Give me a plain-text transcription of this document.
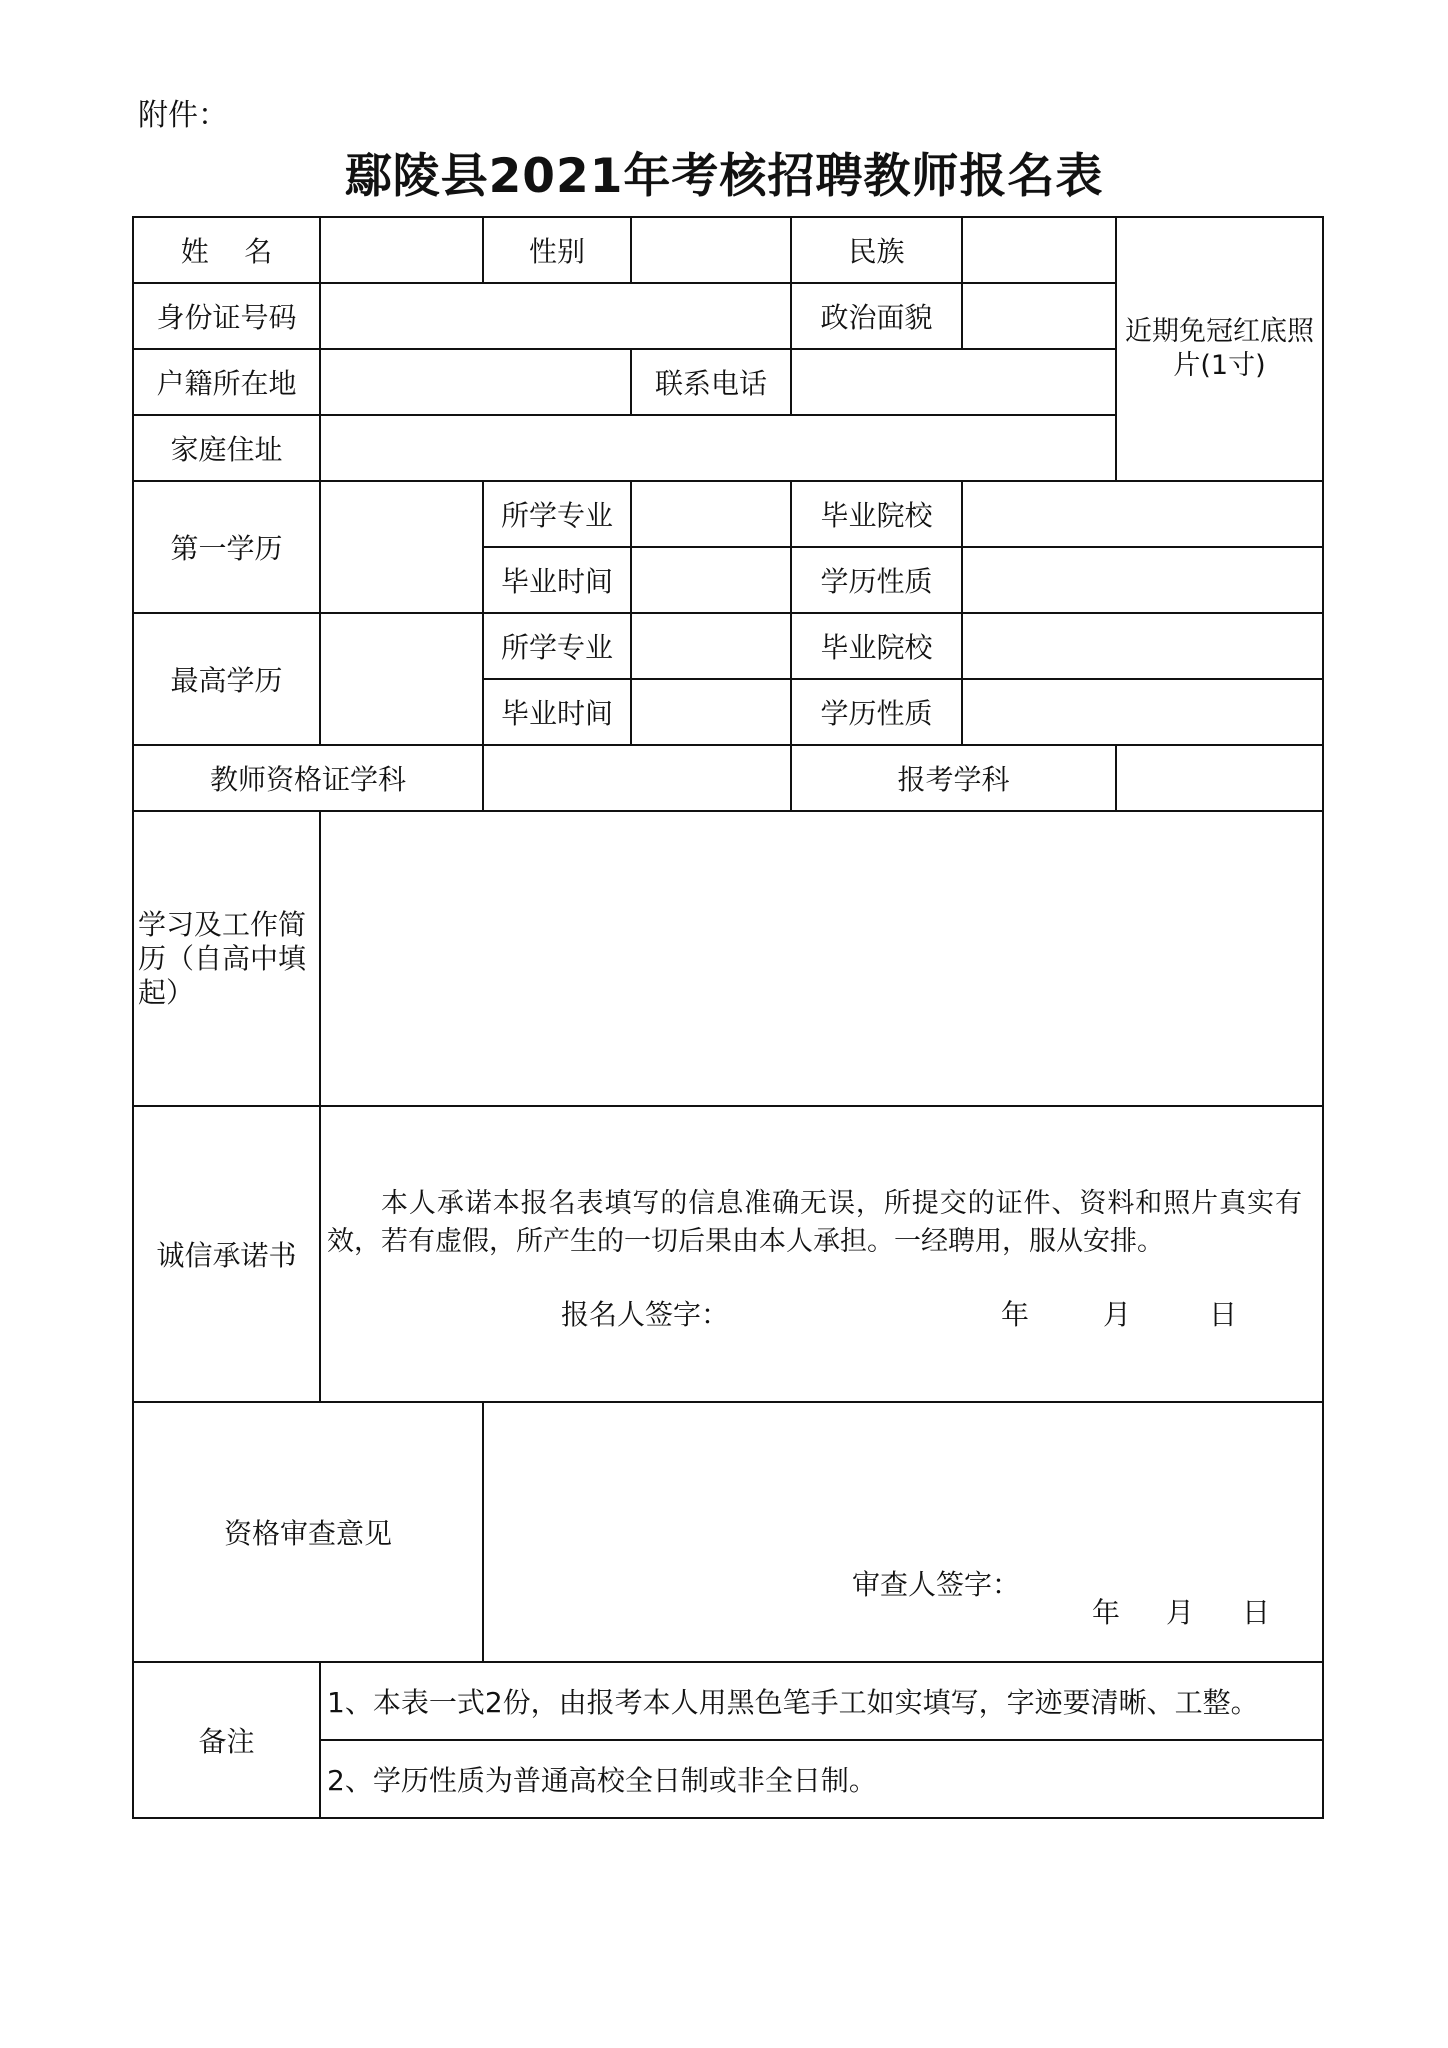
附件：
鄢陵县2021年考核招聘教师报名表
姓    名		性别		民族		近期免冠红底照片(1寸)
身份证号码				政治面貌		
户籍所在地			联系电话			
家庭住址						
第一学历		所学专业		毕业院校		
		毕业时间		学历性质		
最高学历		所学专业		毕业院校		
		毕业时间		学历性质		
教师资格证学科				报考学科		
学习及工作简历（自高中填起）						
诚信承诺书	本人承诺本报名表填写的信息准确无误，所提交的证件、资料和照片真实有效，若有虚假，所产生的一切后果由本人承担。一经聘用，服从安排。
报名人签字： 年 月 日					

资格审查意见		审查人签字：
年 月 日				

备注	1、本表一式2份，由报考本人用黑色笔手工如实填写，字迹要清晰、工整。					
	2、学历性质为普通高校全日制或非全日制。					
